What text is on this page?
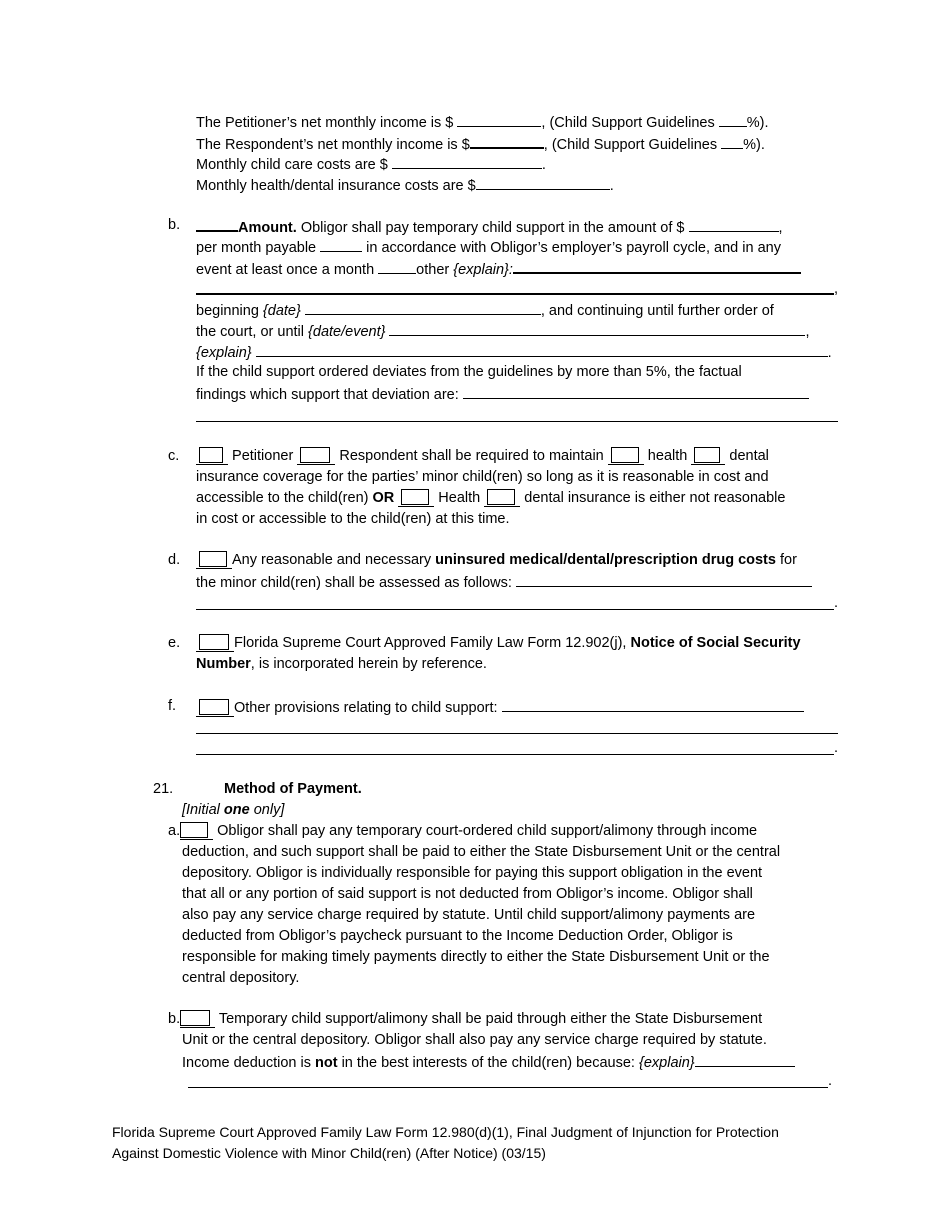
The Petitioner’s net monthly income is $	, (Child Support Guidelines %).
The Respondent’s net monthly income is $	, (Child Support Guidelines %).
Monthly child care costs are $	.
Monthly health/dental insurance costs are $	.
b.	Amount. Obligor shall pay temporary child support in the amount of $	,
per month payable	in accordance with Obligor’s employer’s payroll cycle, and in any
event at least once a month	other {explain}:
,
beginning {date}	, and continuing until further order of
the court, or until {date/event}	,
{explain}	.
If the child support ordered deviates from the guidelines by more than 5%, the factual
findings which support that deviation are:
c.	Petitioner	Respondent shall be required to maintain  health  dental
insurance coverage for the parties’ minor child(ren) so long as it is reasonable in cost and
accessible to the child(ren) OR	Health  dental insurance is either not reasonable
in cost or accessible to the child(ren) at this time.
d.	Any reasonable and necessary uninsured medical/dental/prescription drug costs for
the minor child(ren) shall be assessed as follows:
.
e.	Florida Supreme Court Approved Family Law Form 12.902(j), Notice of Social Security
Number, is incorporated herein by reference.
f.	Other provisions relating to child support:
.
21.	Method of Payment.
[Initial one only]
a. Obligor shall pay any temporary court-ordered child support/alimony through income
deduction, and such support shall be paid to either the State Disbursement Unit or the central
depository. Obligor is individually responsible for paying this support obligation in the event
that all or any portion of said support is not deducted from Obligor’s income. Obligor shall
also pay any service charge required by statute. Until child support/alimony payments are
deducted from Obligor’s paycheck pursuant to the Income Deduction Order, Obligor is
responsible for making timely payments directly to either the State Disbursement Unit or the
central depository.
b. Temporary child support/alimony shall be paid through either the State Disbursement
Unit or the central depository. Obligor shall also pay any service charge required by statute.
Income deduction is not in the best interests of the child(ren) because: {explain}
.
Florida Supreme Court Approved Family Law Form 12.980(d)(1), Final Judgment of Injunction for Protection
Against Domestic Violence with Minor Child(ren) (After Notice) (03/15)
